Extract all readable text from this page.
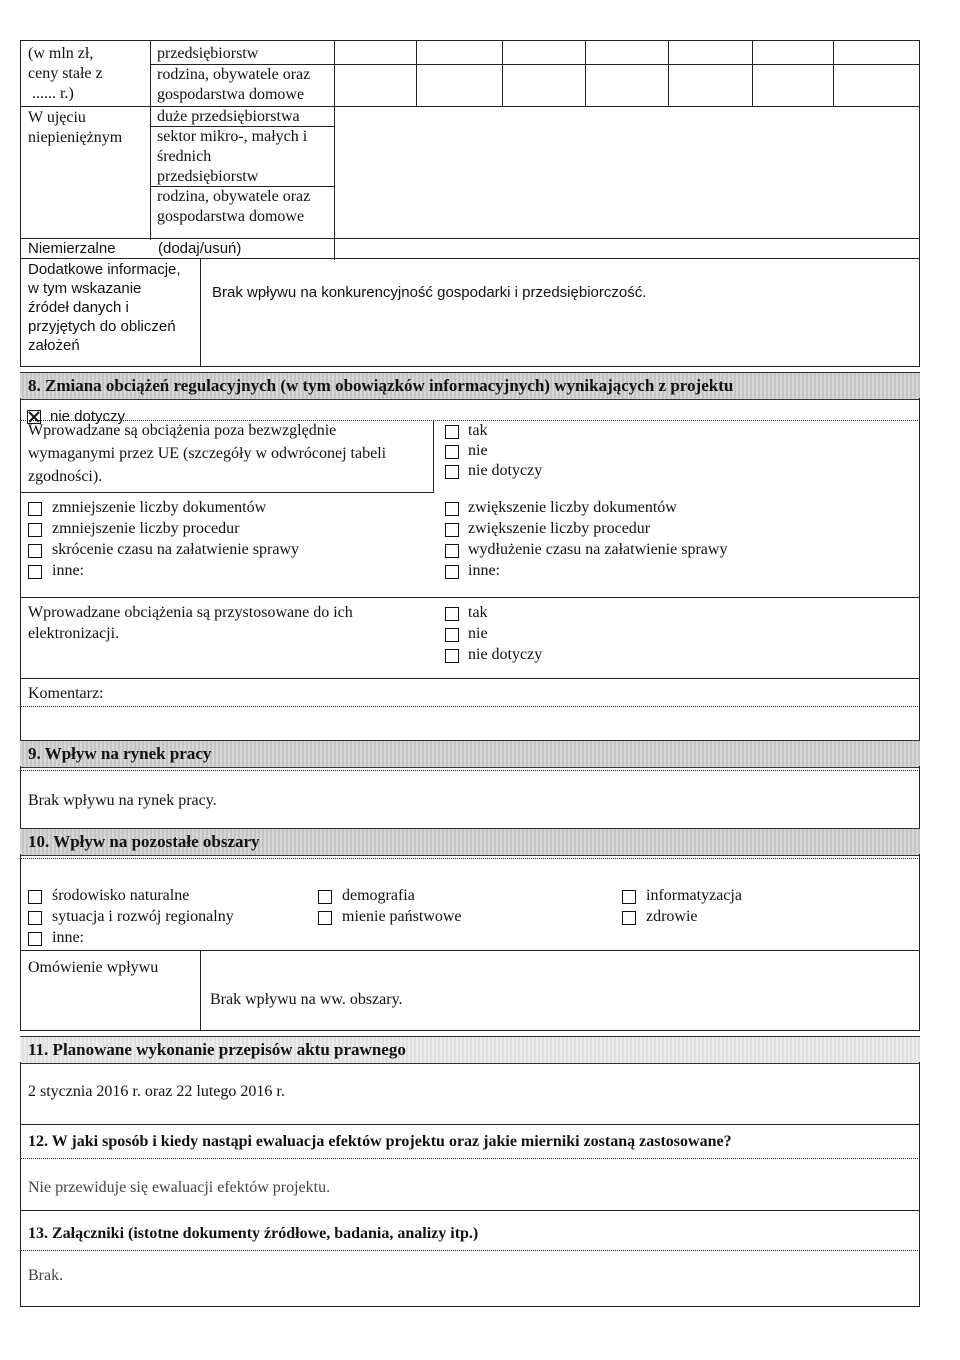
(w mln zł,
ceny stałe z
...... r.)
W ujęciu
niepieniężnym
przedsiębiorstw
rodzina, obywatele oraz
gospodarstwa domowe
duże przedsiębiorstwa
sektor mikro-, małych i
średnich
przedsiębiorstw
rodzina, obywatele oraz
gospodarstwa domowe
Niemierzalne	(dodaj/usuń)
Dodatkowe informacje,
w tym wskazanie
źródeł danych i
przyjętych do obliczeń
założeń
Brak wpływu na konkurencyjność gospodarki i przedsiębiorczość.
8. Zmiana obciążeń regulacyjnych (w tym obowiązków informacyjnych) wynikających z projektu
nie dotyczy
Wprowadzane są obciążenia poza bezwzględnie
wymaganymi przez UE (szczegóły w odwróconej tabeli
zgodności).
tak
nie
nie dotyczy
zmniejszenie liczby dokumentów
zmniejszenie liczby procedur
skrócenie czasu na załatwienie sprawy
inne:
zwiększenie liczby dokumentów
zwiększenie liczby procedur
wydłużenie czasu na załatwienie sprawy
inne:
Wprowadzane obciążenia są przystosowane do ich
elektronizacji.
tak
nie
nie dotyczy
Komentarz:
9. Wpływ na rynek pracy
Brak wpływu na rynek pracy.
10. Wpływ na pozostałe obszary
środowisko naturalne
sytuacja i rozwój regionalny
inne:
demografia
mienie państwowe
informatyzacja
zdrowie
Omówienie wpływu
Brak wpływu na ww. obszary.
11. Planowane wykonanie przepisów aktu prawnego
2 stycznia 2016 r. oraz 22 lutego 2016 r.
12. W jaki sposób i kiedy nastąpi ewaluacja efektów projektu oraz jakie mierniki zostaną zastosowane?
Nie przewiduje się ewaluacji efektów projektu.
13. Załączniki (istotne dokumenty źródłowe, badania, analizy itp.)
Brak.
